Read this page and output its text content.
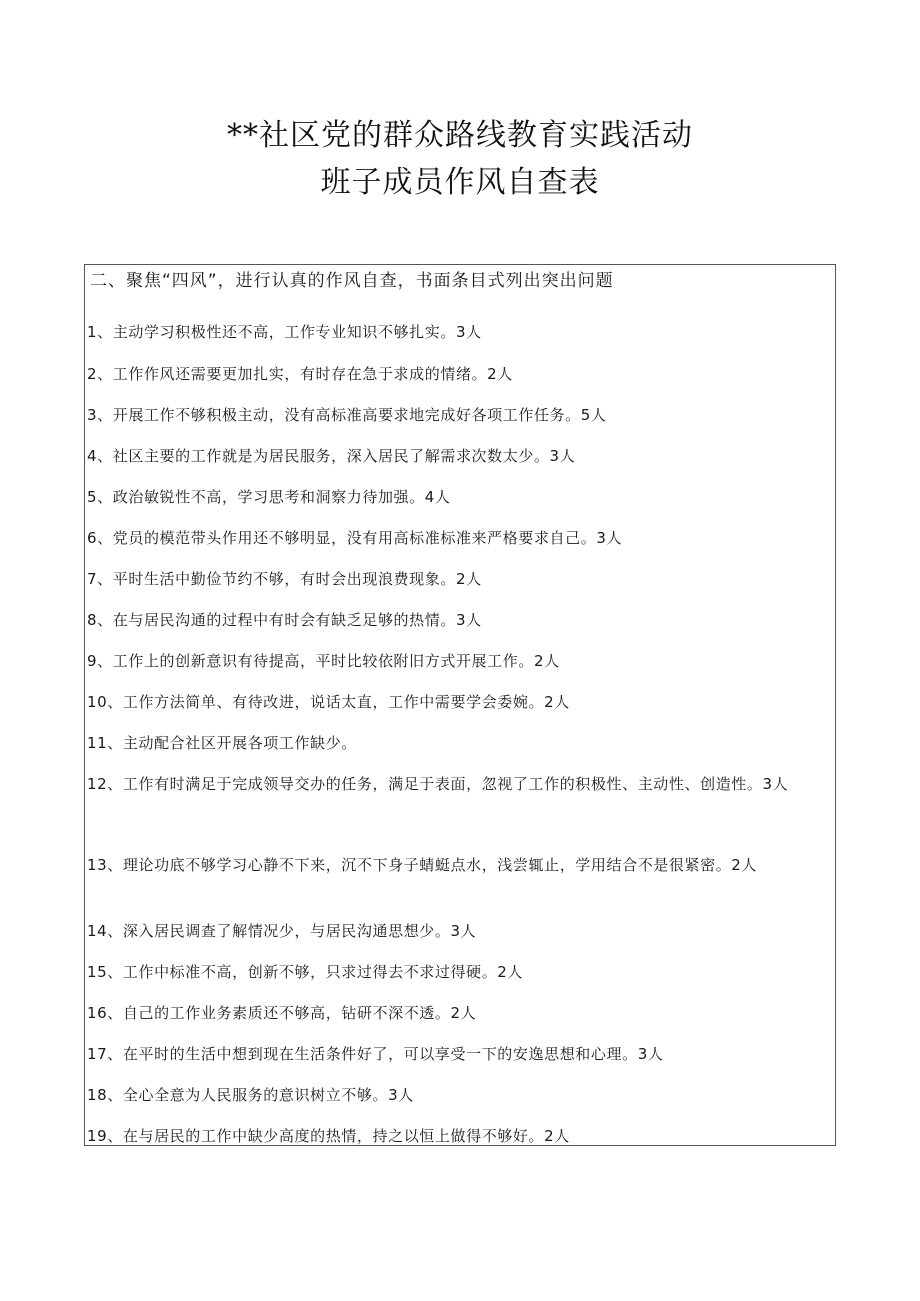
**社区党的群众路线教育实践活动
班子成员作风自查表
二、聚焦“四风”，进行认真的作风自查，书面条目式列出突出问题
1、主动学习积极性还不高，工作专业知识不够扎实。3人
2、工作作风还需要更加扎实，有时存在急于求成的情绪。2人
3、开展工作不够积极主动，没有高标准高要求地完成好各项工作任务。5人
4、社区主要的工作就是为居民服务，深入居民了解需求次数太少。3人
5、政治敏锐性不高，学习思考和洞察力待加强。4人
6、党员的模范带头作用还不够明显，没有用高标准标准来严格要求自己。3人
7、平时生活中勤俭节约不够，有时会出现浪费现象。2人
8、在与居民沟通的过程中有时会有缺乏足够的热情。3人
9、工作上的创新意识有待提高，平时比较依附旧方式开展工作。2人
10、工作方法简单、有待改进，说话太直，工作中需要学会委婉。2人
11、主动配合社区开展各项工作缺少。
12、工作有时满足于完成领导交办的任务，满足于表面，忽视了工作的积极性、主动性、创造性。3人
13、理论功底不够学习心静不下来，沉不下身子蜻蜓点水，浅尝辄止，学用结合不是很紧密。2人
14、深入居民调查了解情况少，与居民沟通思想少。3人
15、工作中标准不高，创新不够，只求过得去不求过得硬。2人
16、自己的工作业务素质还不够高，钻研不深不透。2人
17、在平时的生活中想到现在生活条件好了，可以享受一下的安逸思想和心理。3人
18、全心全意为人民服务的意识树立不够。3人
19、在与居民的工作中缺少高度的热情，持之以恒上做得不够好。2人
